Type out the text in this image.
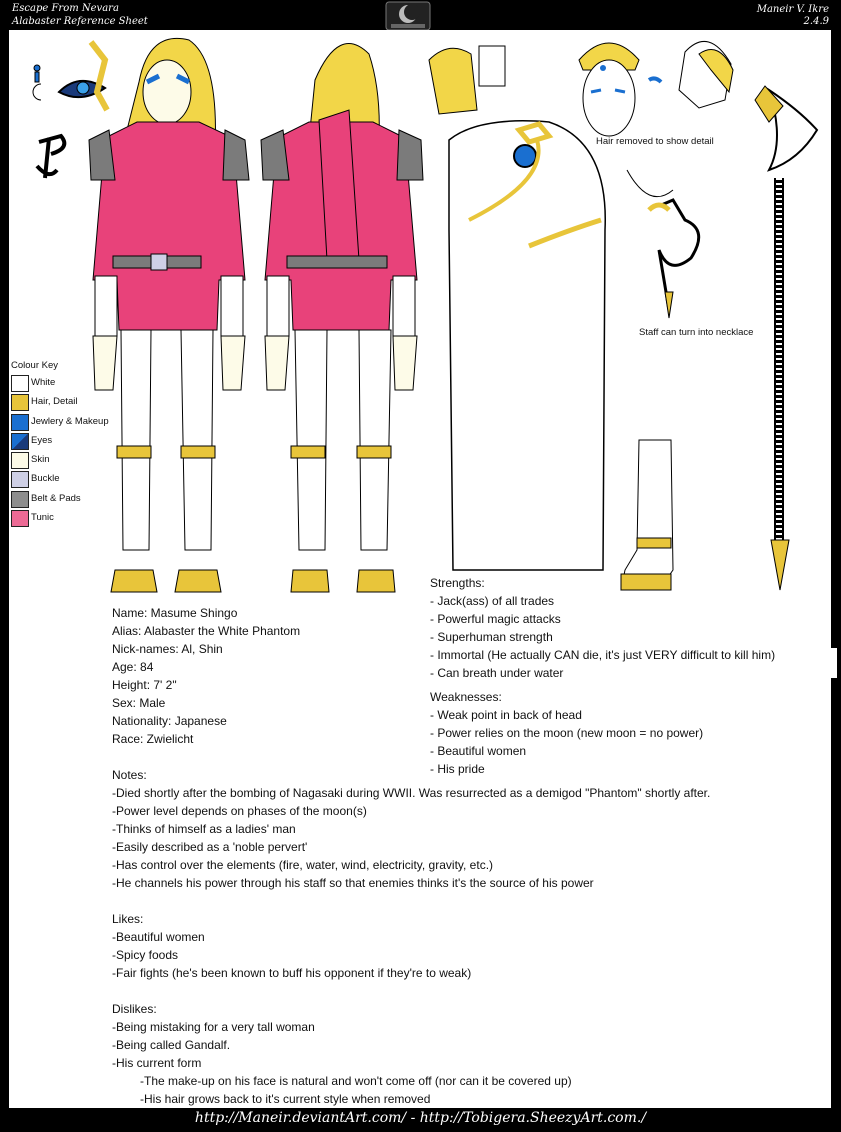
Escape From Nevara
Alabaster Reference Sheet
Maneir V. Ikre
2.4.9
Hair removed to show detail
Staff can turn into necklace
Colour Key
White
Hair, Detail
Jewlery & Makeup
Eyes
Skin
Buckle
Belt & Pads
Tunic
Name: Masume Shingo
Alias: Alabaster the White Phantom
Nick-names: Al, Shin
Age: 84
Height: 7' 2"
Sex: Male
Nationality: Japanese
Race: Zwielicht
Strengths:
- Jack(ass) of all trades
- Powerful magic attacks
- Superhuman strength
- Immortal (He actually CAN die, it's just VERY difficult to kill him)
- Can breath under water
Weaknesses:
- Weak point in back of head
- Power relies on the moon (new moon = no power)
- Beautiful women
- His pride
Notes:
-Died shortly after the bombing of Nagasaki during WWII. Was resurrected as a demigod "Phantom" shortly after.
-Power level depends on phases of the moon(s)
-Thinks of himself as a ladies' man
-Easily described as a 'noble pervert'
-Has control over the elements (fire, water, wind, electricity, gravity, etc.)
-He channels his power through his staff so that enemies thinks it's the source of his power
Likes:
-Beautiful women
-Spicy foods
-Fair fights (he's been known to buff his opponent if they're to weak)
Dislikes:
-Being mistaking for a very tall woman
-Being called Gandalf.
-His current form
-The make-up on his face is natural and won't come off (nor can it be covered up)
-His hair grows back to it's current style when removed
http://Maneir.deviantArt.com/ - http://Tobigera.SheezyArt.com./
